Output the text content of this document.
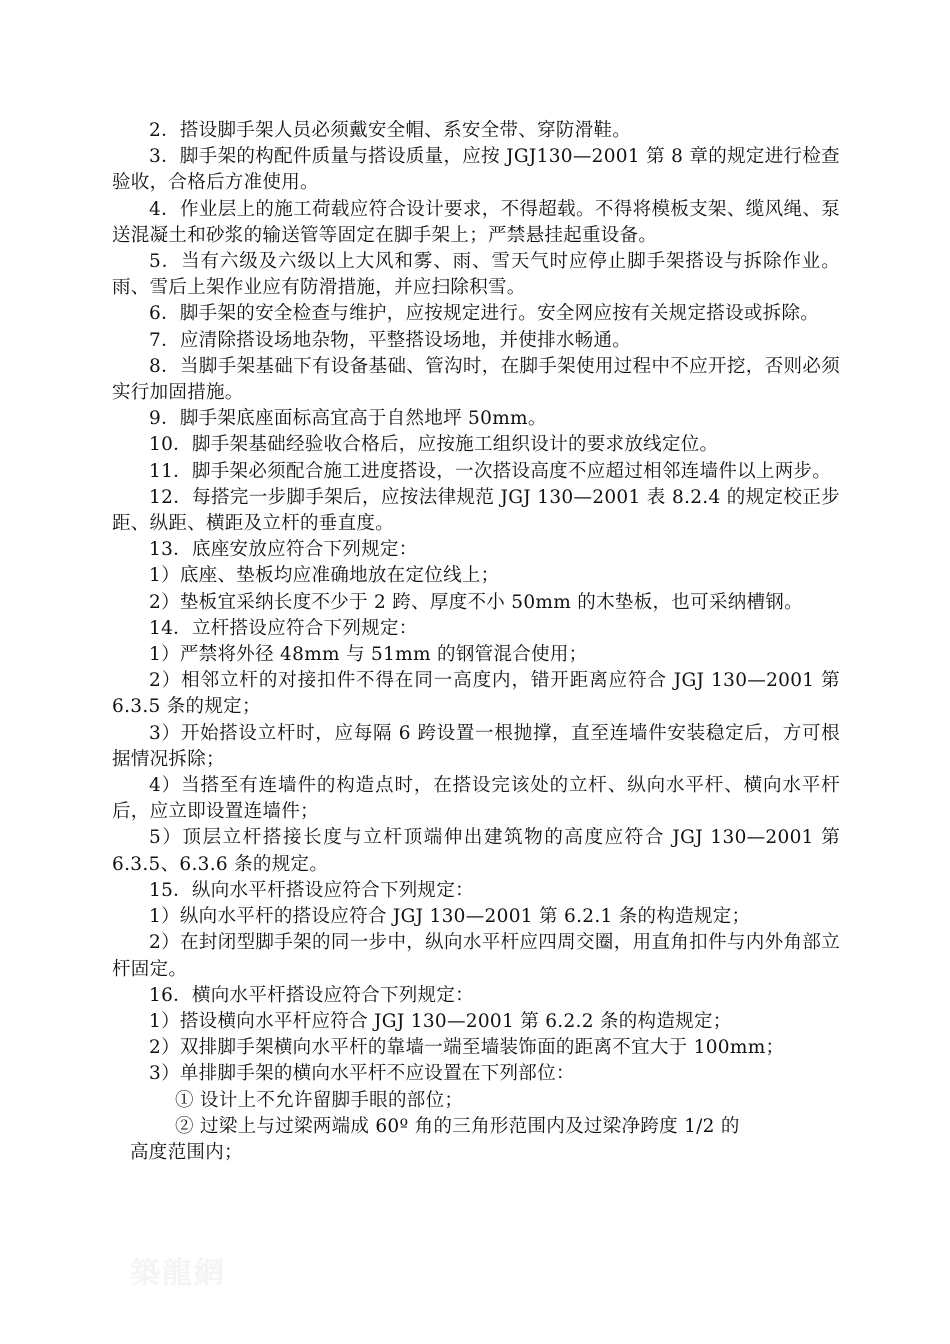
2．搭设脚手架人员必须戴安全帽、系安全带、穿防滑鞋。

3．脚手架的构配件质量与搭设质量，应按 JGJ130—2001 第 8 章的规定进行检查验收，合格后方准使用。

4．作业层上的施工荷载应符合设计要求，不得超载。不得将模板支架、缆风绳、泵送混凝土和砂浆的输送管等固定在脚手架上；严禁悬挂起重设备。

5．当有六级及六级以上大风和雾、雨、雪天气时应停止脚手架搭设与拆除作业。雨、雪后上架作业应有防滑措施，并应扫除积雪。

6．脚手架的安全检查与维护，应按规定进行。安全网应按有关规定搭设或拆除。

7．应清除搭设场地杂物，平整搭设场地，并使排水畅通。

8．当脚手架基础下有设备基础、管沟时，在脚手架使用过程中不应开挖，否则必须实行加固措施。

9．脚手架底座面标高宜高于自然地坪 50mm。

10．脚手架基础经验收合格后，应按施工组织设计的要求放线定位。

11．脚手架必须配合施工进度搭设，一次搭设高度不应超过相邻连墙件以上两步。

12．每搭完一步脚手架后，应按法律规范 JGJ 130—2001 表 8.2.4 的规定校正步距、纵距、横距及立杆的垂直度。

13．底座安放应符合下列规定：

1）底座、垫板均应准确地放在定位线上；

2）垫板宜采纳长度不少于 2 跨、厚度不小 50mm 的木垫板，也可采纳槽钢。

14．立杆搭设应符合下列规定：

1）严禁将外径 48mm 与 51mm 的钢管混合使用；

2）相邻立杆的对接扣件不得在同一高度内，错开距离应符合 JGJ 130—2001 第 6.3.5 条的规定；

3）开始搭设立杆时，应每隔 6 跨设置一根抛撑，直至连墙件安装稳定后，方可根据情况拆除；

4）当搭至有连墙件的构造点时，在搭设完该处的立杆、纵向水平杆、横向水平杆后，应立即设置连墙件；

5）顶层立杆搭接长度与立杆顶端伸出建筑物的高度应符合 JGJ 130—2001 第 6.3.5、6.3.6 条的规定。

15．纵向水平杆搭设应符合下列规定：

1）纵向水平杆的搭设应符合 JGJ 130—2001 第 6.2.1 条的构造规定；

2）在封闭型脚手架的同一步中，纵向水平杆应四周交圈，用直角扣件与内外角部立杆固定。

16．横向水平杆搭设应符合下列规定：

1）搭设横向水平杆应符合 JGJ 130—2001 第 6.2.2 条的构造规定；

2）双排脚手架横向水平杆的靠墙一端至墙装饰面的距离不宜大于 100mm；

3）单排脚手架的横向水平杆不应设置在下列部位：

① 设计上不允许留脚手眼的部位；

② 过梁上与过梁两端成 60º 角的三角形范围内及过梁净跨度 1/2 的

高度范围内；

築龍網
